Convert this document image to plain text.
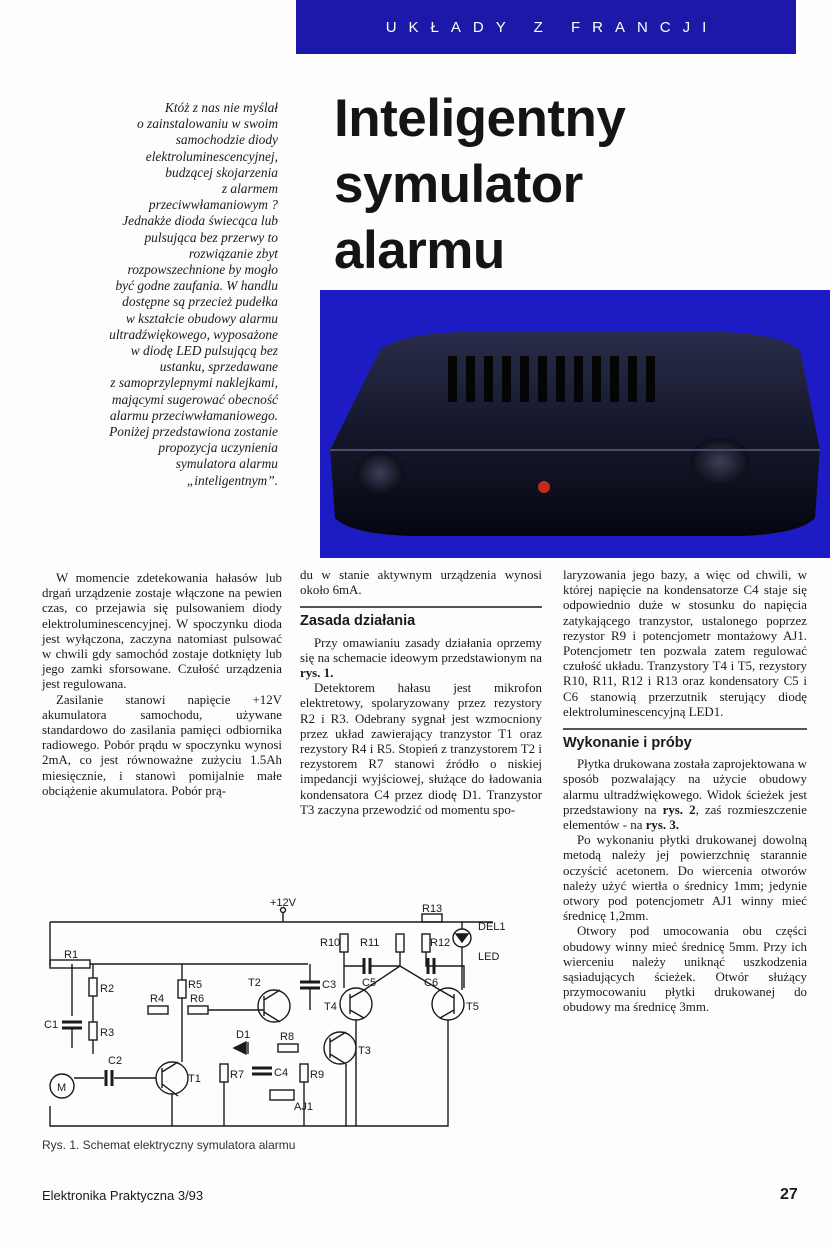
UKŁADY Z FRANCJI
Któż z nas nie myślał
o zainstalowaniu w swoim
samochodzie diody
elektroluminescencyjnej,
budzącej skojarzenia
z alarmem
przeciwwłamaniowym ?
Jednakże dioda świecąca lub
pulsująca bez przerwy to
rozwiązanie zbyt
rozpowszechnione by mogło
być godne zaufania. W handlu
dostępne są przecież pudełka
w kształcie obudowy alarmu
ultradźwiękowego, wyposażone
w diodę LED pulsującą bez
ustanku, sprzedawane
z samoprzylepnymi naklejkami,
mającymi sugerować obecność
alarmu przeciwwłamaniowego.
Poniżej przedstawiona zostanie
propozycja uczynienia
symulatora alarmu
„inteligentnym”.
Inteligentny
symulator
alarmu

W momencie zdetekowania hałasów lub drgań urządzenie zostaje włączone na pewien czas, co przejawia się pulsowaniem diody elektroluminescencyjnej. W spoczynku dioda jest wyłączona, zaczyna natomiast pulsować w chwili gdy samochód zostaje dotknięty lub jego zamki sforsowane. Czułość urządzenia jest regulowana.

Zasilanie stanowi napięcie +12V akumulatora samochodu, używane standardowo do zasilania pamięci odbiornika radiowego. Pobór prądu w spoczynku wynosi 2mA, co jest równoważne zużyciu 1.5Ah miesięcznie, i stanowi pomijalnie małe obciążenie akumulatora. Pobór prą-

du w stanie aktywnym urządzenia wynosi około 6mA.

Zasada działania

Przy omawianiu zasady działania oprzemy się na schemacie ideowym przedstawionym na rys. 1.

Detektorem hałasu jest mikrofon elektretowy, spolaryzowany przez rezystory R2 i R3. Odebrany sygnał jest wzmocniony przez układ zawierający tranzystor T1 oraz rezystory R4 i R5. Stopień z tranzystorem T2 i rezystorem R7 stanowi źródło o niskiej impedancji wyjściowej, służące do ładowania kondensatora C4 przez diodę D1. Tranzystor T3 zaczyna przewodzić od momentu spo-

laryzowania jego bazy, a więc od chwili, w której napięcie na kondensatorze C4 staje się odpowiednio duże w stosunku do napięcia zatykającego tranzystor, ustalonego poprzez rezystor R9 i potencjometr montażowy AJ1. Potencjometr ten pozwala zatem regulować czułość układu. Tranzystory T4 i T5, rezystory R10, R11, R12 i R13 oraz kondensatory C5 i C6 stanowią przerzutnik sterujący diodę elektroluminescencyjną LED1.

Wykonanie i próby

Płytka drukowana została zaprojektowana w sposób pozwalający na użycie obudowy alarmu ultradźwiękowego. Widok ścieżek jest przedstawiony na rys. 2, zaś rozmieszczenie elementów - na rys. 3.

Po wykonaniu płytki drukowanej dowolną metodą należy jej powierzchnię starannie oczyścić acetonem. Do wiercenia otworów należy użyć wiertła o średnicy 1mm; jedynie otwory pod potencjometr AJ1 winny mieć średnicę 1,2mm.

Otwory pod umocowania obu części obudowy winny mieć średnicę 5mm. Przy ich wierceniu należy uniknąć uszkodzenia sąsiadujących ścieżek. Otwór służący przymocowaniu płytki drukowanej do obudowy ma średnicę 3mm.

+12V
R1
R2
R3
C1
M
C2
T1
R4
R5
R6
T2	C3
D1	R8
R7	C4 R9
AJ1
T3
T4	T5
R10 R11	R12
R13
C5	C6
DEL1
LED
Rys. 1. Schemat elektryczny symulatora alarmu
Elektronika Praktyczna 3/93	27
